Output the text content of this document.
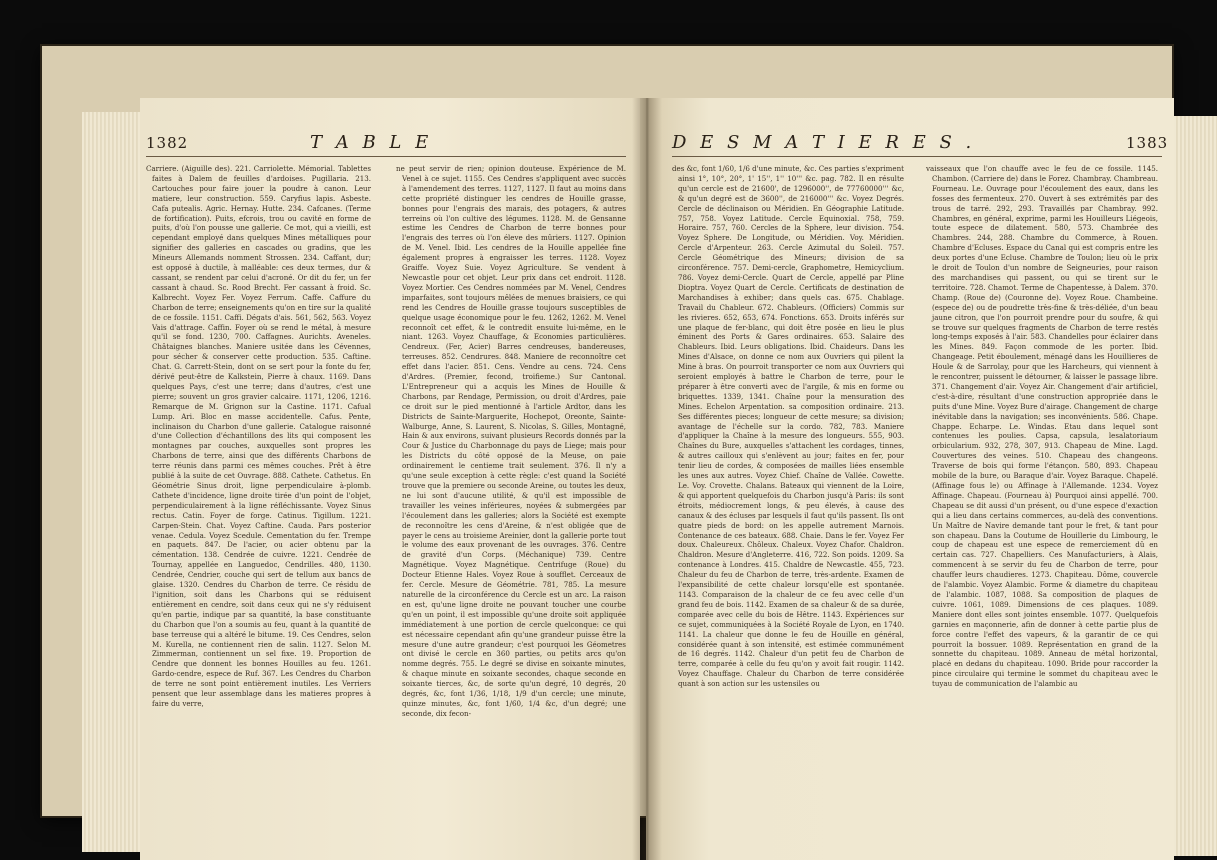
1382	T A B L E

Carriere. (Aiguille des). 221. Carriolette. Mémorial. Tablettes faites à Dalem de feuilles d'ardoises. Pugillaria. 213. Cartouches pour faire jouer la poudre à canon. Leur matiere, leur construction. 559. Caryfius lapis. Asbeste. Cafa putealis. Agric. Hernay. Hutte. 234. Cafcanes. (Terme de fortification). Puits, efcrois, trou ou cavité en forme de puits, d'où l'on pousse une gallerie. Ce mot, qui a vieilli, est cependant employé dans quelques Mines métalliques pour signifier des galleries en cascades ou gradins, que les Mineurs Allemands nomment Strossen. 234. Caffant, dur; est opposé à ductile, à malléable: ces deux termes, dur & cassant, se rendent par celui d'acroné. Or dit du fer, un fer cassant à chaud. Sc. Rood Brecht. Fer cassant à froid. Sc. Kalbrecht. Voyez Fer. Voyez Ferrum. Caffe. Caffure du Charbon de terre; enseignements qu'on en tire sur la qualité de ce fossile. 1151. Caffi. Dégats d'ais. 561, 562, 563. Voyez Vais d'attrage. Caffin. Foyer où se rend le métal, à mesure qu'il se fond. 1230, 700. Caffagnes. Aurichts. Aveneles. Châtaignes blanches. Maniere usitée dans les Cévennes, pour sécher & conserver cette production. 535. Caftine. Chat. G. Carrett-Stein, dont on se sert pour la fonte du fer, dérivé peut-être de Kalkstein, Pierre à chaux. 1169. Dans quelques Pays, c'est une terre; dans d'autres, c'est une pierre; souvent un gros gravier calcaire. 1171, 1206, 1216. Remarque de M. Grignon sur la Castine. 1171. Cafual Lump. Ari. Bloc en masse accidentelle. Cafus. Pente, inclinaison du Charbon d'une gallerie. Catalogue raisonné d'une Collection d'échantillons des lits qui composent les montagnes par couches, auxquelles sont propres les Charbons de terre, ainsi que des différents Charbons de terre réunis dans parmi ces mêmes couches. Prêt à être publié à la suite de cet Ouvrage. 888. Cathete. Cathetus. En Géométrie Sinus droit, ligne perpendiculaire à-plomb. Cathete d'incidence, ligne droite tirée d'un point de l'objet, perpendiculairement à la ligne réfléchissante. Voyez Sinus rectus. Catin. Foyer de forge. Catinus. Tigillum. 1221. Carpen-Stein. Chat. Voyez Caftine. Cauda. Pars posterior venae. Cedula. Voyez Scedule. Cementation du fer. Trempe en paquets. 847. De l'acier, ou acier obtenu par la cémentation. 138. Cendrée de cuivre. 1221. Cendrée de Tournay, appellée en Languedoc, Cendrilles. 480, 1130. Cendrée, Cendrier, couche qui sert de tellum aux bancs de glaise. 1320. Cendres du Charbon de terre. Ce résidu de l'ignition, soit dans les Charbons qui se réduisent entièrement en cendre, soit dans ceux qui ne s'y réduisent qu'en partie, indique par sa quantité, la base constituante du Charbon que l'on a soumis au feu, quant à la quantité de base terreuse qui a altéré le bitume. 19. Ces Cendres, selon M. Kurella, ne contiennent rien de salin. 1127. Selon M. Zimmerman, contiennent un sel fixe. 19. Proportion de Cendre que donnent les bonnes Houilles au feu. 1261. Gardo-cendre, espece de Ruf. 367. Les Cendres du Charbon de terre ne sont point entièrement inutiles. Les Verriers pensent que leur assemblage dans les matieres propres à faire du verre,

ne peut servir de rien; opinion douteuse. Expérience de M. Venel à ce sujet. 1155. Ces Cendres s'appliquent avec succès à l'amendement des terres. 1127, 1127. Il faut au moins dans cette propriété distinguer les cendres de Houille grasse, bonnes pour l'engrais des marais, des potagers, & autres terreins où l'on cultive des légumes. 1128. M. de Gensanne estime les Cendres de Charbon de terre bonnes pour l'engrais des terres où l'on éleve des mûriers. 1127. Opinion de M. Venel. Ibid. Les cendres de la Houille appellée fine également propres à engraisser les terres. 1128. Voyez Graiffe. Voyez Suie. Voyez Agriculture. Se vendent à Newcastle pour cet objet. Leur prix dans cet endroit. 1128. Voyez Mortier. Ces Cendres nommées par M. Venel, Cendres imparfaites, sont toujours mêlées de menues braisiers, ce qui rend les Cendres de Houille grasse toujours susceptibles de quelque usage économique pour le feu. 1262, 1262. M. Venel reconnoît cet effet, & le contredit ensuite lui-même, en le niant. 1263. Voyez Chauffage, & Economies particulières. Cendreux. (Fer, Acier) Barres cendreuses, bandereuses, terreuses. 852. Cendrures. 848. Maniere de reconnoître cet effet dans l'acier. 851. Cens. Vendre au cens. 724. Cens d'Ardres. (Premier, fecond, troifieme.) Sur Cantonal. L'Entrepreneur qui a acquis les Mines de Houille & Charbons, par Rendage, Permission, ou droit d'Ardres, paie ce droit sur le pied mentionné à l'article Ardtor, dans les Districts de Sainte-Marguerite, Hochepot, Oreonte, Sainte-Walburge, Anne, S. Laurent, S. Nicolas, S. Gilles, Montagné, Hain & aux environs, suivant plusieurs Records donnés par la Cour & Justice du Charbonnage du pays de Liege; mais pour les Districts du côté opposé de la Meuse, on paie ordinairement le centieme trait seulement. 376. Il n'y a qu'une seule exception à cette règle: c'est quand la Société trouve que la premiere ou seconde Areine, ou toutes les deux, ne lui sont d'aucune utilité, & qu'il est impossible de travailler les veines inférieures, noyées & submergées par l'écoulement dans les galleries; alors la Société est exempte de reconnoître les cens d'Areine, & n'est obligée que de payer le cens au troisieme Areinier, dont la gallerie porte tout le volume des eaux provenant de les ouvrages. 376. Centre de gravité d'un Corps. (Méchanique) 739. Centre Magnétique. Voyez Magnétique. Centrifuge (Roue) du Docteur Etienne Hales. Voyez Roue à soufflet. Cerceaux de fer. Cercle. Mesure de Géométrie. 781, 785. La mesure naturelle de la circonférence du Cercle est un arc. La raison en est, qu'une ligne droite ne pouvant toucher une courbe qu'en un point, il est impossible qu'une droite soit appliquée immédiatement à une portion de cercle quelconque: ce qui est nécessaire cependant afin qu'une grandeur puisse être la mesure d'une autre grandeur; c'est pourquoi les Géometres ont divisé le cercle en 360 parties, ou petits arcs qu'on nomme degrés. 755. Le degré se divise en soixante minutes, & chaque minute en soixante secondes, chaque seconde en soixante tierces, &c, de sorte qu'un degré, 10 degrés, 20 degrés, &c, font 1/36, 1/18, 1/9 d'un cercle; une minute, quinze minutes, &c, font 1/60, 1/4 &c, d'un degré; une seconde, dix fecon-

D E S M A T I E R E S .	1383

des &c, font 1/60, 1/6 d'une minute, &c. Ces parties s'expriment ainsi 1°, 10°, 20°, 1' 15'', 1'' 10''' &c. pag. 782. Il en résulte qu'un cercle est de 21600', de 1296000'', de 77760000''' &c, & qu'un degré est de 3600'', de 216000''' &c. Voyez Degrés. Cercle de déclinaison ou Méridien. En Géographie Latitude. 757, 758. Voyez Latitude. Cercle Equinoxial. 758, 759. Horaire. 757, 760. Cercles de la Sphere, leur division. 754. Voyez Sphere. De Longitude, ou Méridien. Voy. Méridien. Cercle d'Arpenteur. 263. Cercle Azimutal du Soleil. 757. Cercle Géométrique des Mineurs; division de sa circonférence. 757. Demi-cercle, Graphometre, Hemicyclium. 786. Voyez demi-Cercle. Quart de Cercle, appellé par Pline Dioptra. Voyez Quart de Cercle. Certificats de destination de Marchandises à exhiber; dans quels cas. 675. Chablage. Travail du Chableur. 672. Chableurs. (Officiers) Commis sur les rivieres. 652, 653, 674. Fonctions. 653. Droits inférés sur une plaque de fer-blanc, qui doit être posée en lieu le plus éminent des Ports & Gares ordinaires. 653. Salaire des Chableurs. Ibid. Leurs obligations. Ibid. Chaideurs. Dans les Mines d'Alsace, on donne ce nom aux Ouvriers qui pilent la Mine à bras. On pourroit transporter ce nom aux Ouvriers qui seroient employés à battre le Charbon de terre, pour le préparer à être converti avec de l'argile, & mis en forme ou briquettes. 1339, 1341. Chaîne pour la mensuration des Mines. Echelon Arpentation. sa composition ordinaire. 213. Ses différentes pieces; longueur de cette mesure; sa division; avantage de l'échelle sur la cordo. 782, 783. Maniere d'appliquer la Chaîne à la mesure des longueurs. 555, 903. Chaînes du Bure, auxquelles s'attachent les cordages, tinnes, & autres cailloux qui s'enlèvent au jour; faites en fer, pour tenir lieu de cordes, & composées de mailles liées ensemble les unes aux autres. Voyez Chief. Chaîne de Vallée. Cowette. Le. Voy. Crovette. Chalans. Bateaux qui viennent de la Loire, & qui apportent quelquefois du Charbon jusqu'à Paris: ils sont étroits, médiocrement longs, & peu élevés, à cause des canaux & des écluses par lesquels il faut qu'ils passent. Ils ont quatre pieds de bord: on les appelle autrement Marnois. Contenance de ces bateaux. 688. Chaie. Dans le fer. Voyez Fer doux. Chaleureux. Chôleux. Chaleux. Voyez Chafor. Chaldron. Chaldron. Mesure d'Angleterre. 416, 722. Son poids. 1209. Sa contenance à Londres. 415. Chaldre de Newcastle. 455, 723. Chaleur du feu de Charbon de terre, très-ardente. Examen de l'expansibilité de cette chaleur lorsqu'elle est spontanée. 1143. Comparaison de la chaleur de ce feu avec celle d'un grand feu de bois. 1142. Examen de sa chaleur & de sa durée, comparée avec celle du bois de Hêtre. 1143. Expériences sur ce sujet, communiquées à la Société Royale de Lyon, en 1740. 1141. La chaleur que donne le feu de Houille en général, considérée quant à son intensité, est estimée communément de 16 degrés. 1142. Chaleur d'un petit feu de Charbon de terre, comparée à celle du feu qu'on y avoit fait rougir. 1142. Voyez Chauffage. Chaleur du Charbon de terre considérée quant à son action sur les ustensiles ou

vaisseaux que l'on chauffe avec le feu de ce fossile. 1145. Chambon. (Carriere de) dans le Forez. Chambray. Chambreau. Fourneau. Le. Ouvrage pour l'écoulement des eaux, dans les fosses des fermenteux. 270. Ouvert à ses extrémités par des trous de tarré. 292, 293. Travaillés par Chambray. 992. Chambres, en général, exprime, parmi les Houilleurs Liégeois, toute espece de dilatement. 580, 573. Chambrée des Chambres. 244, 288. Chambre du Commerce, à Rouen. Chambre d'Ecluses. Espace du Canal qui est compris entre les deux portes d'une Ecluse. Chambre de Toulon; lieu où le prix le droit de Toulon d'un nombre de Seigneuries, pour raison des marchandises qui passent, ou qui se tirent sur le territoire. 728. Chamot. Terme de Chapentesse, à Dalem. 370. Champ. (Roue de) (Couronne de). Voyez Roue. Chambeine. (espece de) ou de poudrette très-fine & très-déliée, d'un beau jaune citron, que l'on pourroit prendre pour du soufre, & qui se trouve sur quelques fragments de Charbon de terre restés long-temps exposés à l'air. 583. Chandelles pour éclairer dans les Mines. 849. Façon commode de les porter. Ibid. Changeage. Petit éboulement, ménagé dans les Houillieres de Houle & de Sarrolay, pour que les Harcheurs, qui viennent à le rencontrer, puissent le détourner, & laisser le passage libre. 371. Changement d'air. Voyez Air. Changement d'air artificiel, c'est-à-dire, résultant d'une construction appropriée dans le puits d'une Mine. Voyez Bure d'airage. Changement de charge inévitable dans la navigation; ses inconvénients. 586. Chape. Chappe. Echarpe. Le. Windas. Etau dans lequel sont contenues les poulies. Capsa, capsula, lesalatoriaum orbicularium. 932, 278, 307, 913. Chapeau de Mine. Lagd. Couvertures des veines. 510. Chapeau des changeons. Traverse de bois qui forme l'étançon. 580, 893. Chapeau mobile de la bure, ou Baraque d'air. Voyez Baraque. Chapelé. (Affinage fous le) ou Affinage à l'Allemande. 1234. Voyez Affinage. Chapeau. (Fourneau à) Pourquoi ainsi appellé. 700. Chapeau se dit aussi d'un présent, ou d'une espece d'exaction qui a lieu dans certains commerces, au-delà des conventions. Un Maître de Navire demande tant pour le fret, & tant pour son chapeau. Dans la Coutume de Houillerie du Limbourg, le coup de chapeau est une espece de remerciement dû en certain cas. 727. Chapelliers. Ces Manufacturiers, à Alais, commencent à se servir du feu de Charbon de terre, pour chauffer leurs chaudieres. 1273. Chapiteau. Dôme, couvercle de l'alambic. Voyez Alambic. Forme & diametre du chapiteau de l'alambic. 1087, 1088. Sa composition de plaques de cuivre. 1061, 1089. Dimensions de ces plaques. 1089. Maniere dont elles sont jointes ensemble. 1077. Quelquefois garnies en maçonnerie, afin de donner à cette partie plus de force contre l'effet des vapeurs, & la garantir de ce qui pourroit la bossuer. 1089. Représentation en grand de la sonnette du chapiteau. 1089. Anneau de métal horizontal, placé en dedans du chapiteau. 1090. Bride pour raccorder la pince circulaire qui termine le sommet du chapiteau avec le tuyau de communication de l'alambic au
